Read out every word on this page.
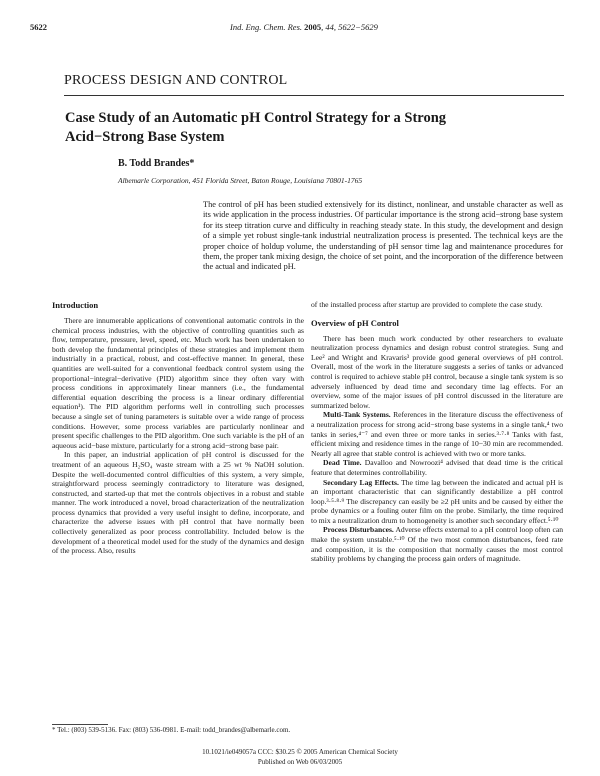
5622	Ind. Eng. Chem. Res. 2005, 44, 5622−5629
PROCESS DESIGN AND CONTROL
Case Study of an Automatic pH Control Strategy for a Strong Acid−Strong Base System
B. Todd Brandes*
Albemarle Corporation, 451 Florida Street, Baton Rouge, Louisiana 70801-1765

The control of pH has been studied extensively for its distinct, nonlinear, and unstable character as well as its wide application in the process industries. Of particular importance is the strong acid−strong base system for its steep titration curve and difficulty in reaching steady state. In this study, the development and design of a simple yet robust single-tank industrial neutralization process is presented. The technical keys are the proper choice of holdup volume, the understanding of pH sensor time lag and maintenance procedures for them, the proper tank mixing design, the choice of set point, and the incorporation of the difference between the actual and indicated pH.

Introduction

There are innumerable applications of conventional automatic controls in the chemical process industries, with the objective of controlling quantities such as flow, temperature, pressure, level, speed, etc. Much work has been undertaken to both develop the fundamental principles of these strategies and implement them industrially in a practical, robust, and cost-effective manner. In general, these quantities are well-suited for a conventional feedback control system using the proportional−integral−derivative (PID) algorithm since they often vary with process conditions in approximately linear manners (i.e., the fundamental differential equation describing the process is a linear ordinary differential equation¹). The PID algorithm performs well in controlling such processes because a single set of tuning parameters is suitable over a wide range of process conditions. However, some process variables are particularly nonlinear and present specific challenges to the PID algorithm. One such variable is the pH of an aqueous acid−base mixture, particularly for a strong acid−strong base pair.

In this paper, an industrial application of pH control is discussed for the treatment of an aqueous H₂SO₄ waste stream with a 25 wt % NaOH solution. Despite the well-documented control difficulties of this system, a very simple, straightforward process seemingly contradictory to literature was designed, constructed, and started-up that met the controls objectives in a robust and stable manner. The work introduced a novel, broad characterization of the neutralization process dynamics that provided a very useful insight to define, incorporate, and characterize the adverse issues with pH control that have normally been collectively generalized as poor process controllability. Included below is the development of a theoretical model used for the study of the dynamics and design of the process. Also, results

of the installed process after startup are provided to complete the case study.

Overview of pH Control

There has been much work conducted by other researchers to evaluate neutralization process dynamics and design robust control strategies. Sung and Lee² and Wright and Kravaris³ provide good general overviews of pH control. Overall, most of the work in the literature suggests a series of tanks or advanced control is required to achieve stable pH control, because a single tank system is so adversely influenced by dead time and secondary time lag effects. For an overview, some of the major issues of pH control discussed in the literature are summarized below.

Multi-Tank Systems. References in the literature discuss the effectiveness of a neutralization process for strong acid−strong base systems in a single tank,⁴ two tanks in series,⁴⁻⁷ and even three or more tanks in series.³·⁷·⁸ Tanks with fast, efficient mixing and residence times in the range of 10−30 min are recommended. Nearly all agree that stable control is achieved with two or more tanks.

Dead Time. Davalloo and Nowroozi⁴ advised that dead time is the critical feature that determines controllability.

Secondary Lag Effects. The time lag between the indicated and actual pH is an important characteristic that can significantly destabilize a pH control loop.³·⁵·⁸·⁹ The discrepancy can easily be ≥2 pH units and be caused by either the probe dynamics or a fouling outer film on the probe. Similarly, the time required to mix a neutralization drum to homogeneity is another such secondary effect.⁵·¹⁰

Process Disturbances. Adverse effects external to a pH control loop often can make the system unstable.⁵·¹⁰ Of the two most common disturbances, feed rate and composition, it is the composition that normally causes the most control stability problems by changing the process gain orders of magnitude.

* Tel.: (803) 539-5136. Fax: (803) 536-0981. E-mail: todd_brandes@albemarle.com.
10.1021/ie049057a CCC: $30.25 © 2005 American Chemical Society
Published on Web 06/03/2005
